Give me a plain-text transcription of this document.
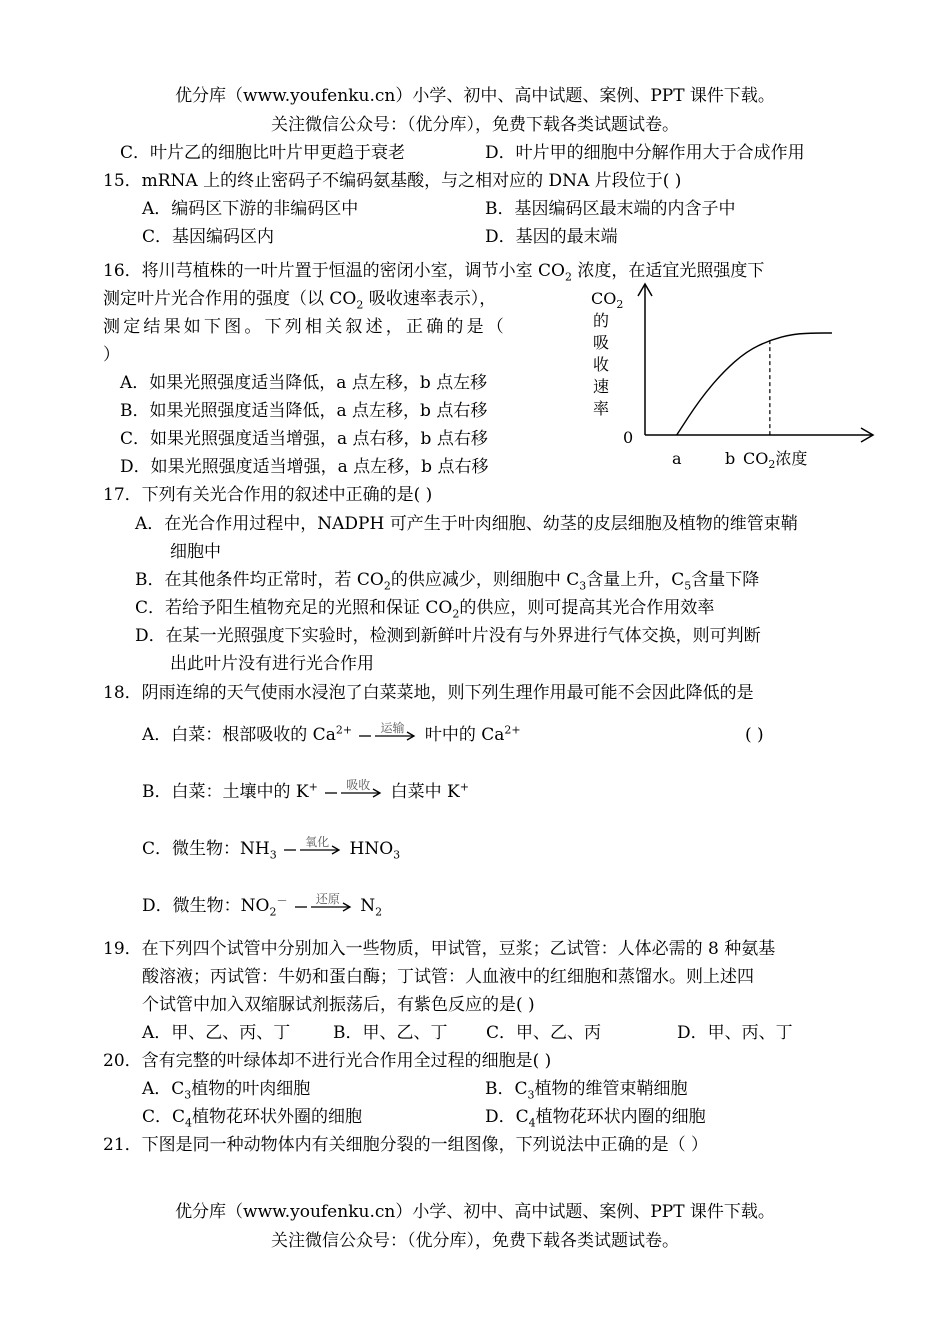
优分库（www.youfenku.cn）小学、初中、高中试题、案例、PPT 课件下载。
关注微信公众号：（优分库），免费下载各类试题试卷。
C．叶片乙的细胞比叶片甲更趋于衰老	D．叶片甲的细胞中分解作用大于合成作用
15．mRNA 上的终止密码子不编码氨基酸，与之相对应的 DNA 片段位于( )
A．编码区下游的非编码区中	B．基因编码区最末端的内含子中
C．基因编码区内	D．基因的最末端
16．将川芎植株的一叶片置于恒温的密闭小室，调节小室 $CO_2$ 浓度，在适宜光照强度下
测定叶片光合作用的强度（以 $CO_2$ 吸收速率表示），
测定结果如下图。下列相关叙述，正确的是（
）
A．如果光照强度适当降低，a 点左移，b 点左移
B．如果光照强度适当降低，a 点左移，b 点右移
C．如果光照强度适当增强，a 点右移，b 点右移
D．如果光照强度适当增强，a 点左移，b 点右移
$CO_2$
的
吸
收
速
率
0
a	b $CO_2$浓度
17．下列有关光合作用的叙述中正确的是( )
A．在光合作用过程中，NADPH 可产生于叶肉细胞、幼茎的皮层细胞及植物的维管束鞘
细胞中
B．在其他条件均正常时，若 $CO_2$的供应减少，则细胞中 $C_3$含量上升，$C_5$含量下降
C．若给予阳生植物充足的光照和保证 $CO_2$的供应，则可提高其光合作用效率
D．在某一光照强度下实验时，检测到新鲜叶片没有与外界进行气体交换，则可判断
出此叶片没有进行光合作用
18．阴雨连绵的天气使雨水浸泡了白菜菜地，则下列生理作用最可能不会因此降低的是
( )
A．白菜：根部吸收的 $Ca^{2+}$	运输	叶中的 $Ca^{2+}$
B．白菜：土壤中的 K+	吸收	白菜中 K+
C．微生物：$NH_3$
氧化	$HNO_3$
D．微生物：$NO_2^-$	还原	$N_2$
19．在下列四个试管中分别加入一些物质，甲试管，豆浆；乙试管：人体必需的 8 种氨基
酸溶液；丙试管：牛奶和蛋白酶；丁试管：人血液中的红细胞和蒸馏水。则上述四
个试管中加入双缩脲试剂振荡后，有紫色反应的是( )
A．甲、乙、丙、丁	B．甲、乙、丁 C．甲、乙、丙	D．甲、丙、丁
20．含有完整的叶绿体却不进行光合作用全过程的细胞是( )
A．$C_3$植物的叶肉细胞	B．$C_3$植物的维管束鞘细胞
C．$C_4$植物花环状外圈的细胞	D．$C_4$植物花环状内圈的细胞
21．下图是同一种动物体内有关细胞分裂的一组图像，下列说法中正确的是（ ）
优分库（www.youfenku.cn）小学、初中、高中试题、案例、PPT 课件下载。
关注微信公众号：（优分库），免费下载各类试题试卷。
